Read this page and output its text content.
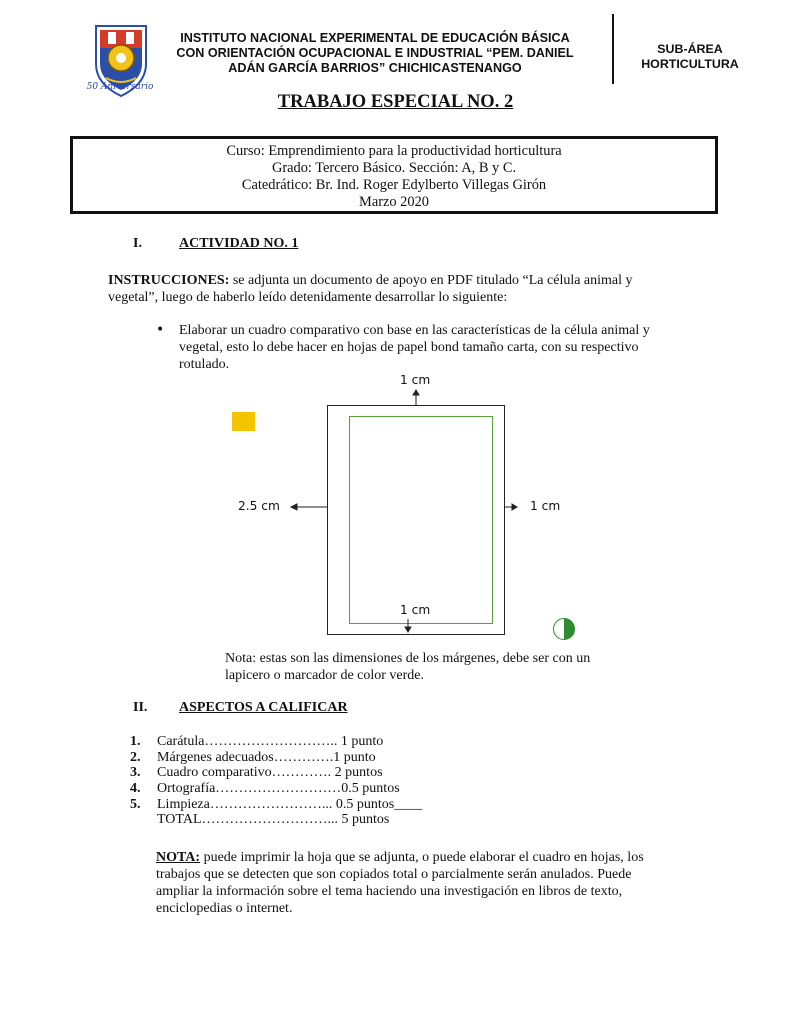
50 Aniversario
INSTITUTO NACIONAL EXPERIMENTAL DE EDUCACIÓN BÁSICA
CON ORIENTACIÓN OCUPACIONAL E INDUSTRIAL “PEM. DANIEL
ADÁN GARCÍA BARRIOS” CHICHICASTENANGO
SUB-ÁREA
HORTICULTURA
TRABAJO ESPECIAL NO. 2
Curso: Emprendimiento para la productividad horticultura
Grado: Tercero Básico. Sección: A, B y C.
Catedrático: Br. Ind. Roger Edylberto Villegas Girón
Marzo 2020
I.	ACTIVIDAD NO. 1
INSTRUCCIONES: se adjunta un documento de apoyo en PDF titulado “La célula animal y
vegetal”, luego de haberlo leído detenidamente desarrollar lo siguiente:
• Elaborar un cuadro comparativo con base en las características de la célula animal y
vegetal, esto lo debe hacer en hojas de papel bond tamaño carta, con su respectivo
rotulado.
1 cm
2.5 cm	1 cm
1 cm
Nota: estas son las dimensiones de los márgenes, debe ser con un
lapicero o marcador de color verde.
II. ASPECTOS A CALIFICAR
1. Carátula……………………….. 1 punto
2. Márgenes adecuados………….1 punto
3. Cuadro comparativo…………. 2 puntos
4. Ortografía………………………0.5 puntos
5. Limpieza……………………... 0.5 puntos____
TOTAL………………………... 5 puntos
NOTA: puede imprimir la hoja que se adjunta, o puede elaborar el cuadro en hojas, los
trabajos que se detecten que son copiados total o parcialmente serán anulados. Puede
ampliar la información sobre el tema haciendo una investigación en libros de texto,
enciclopedias o internet.
